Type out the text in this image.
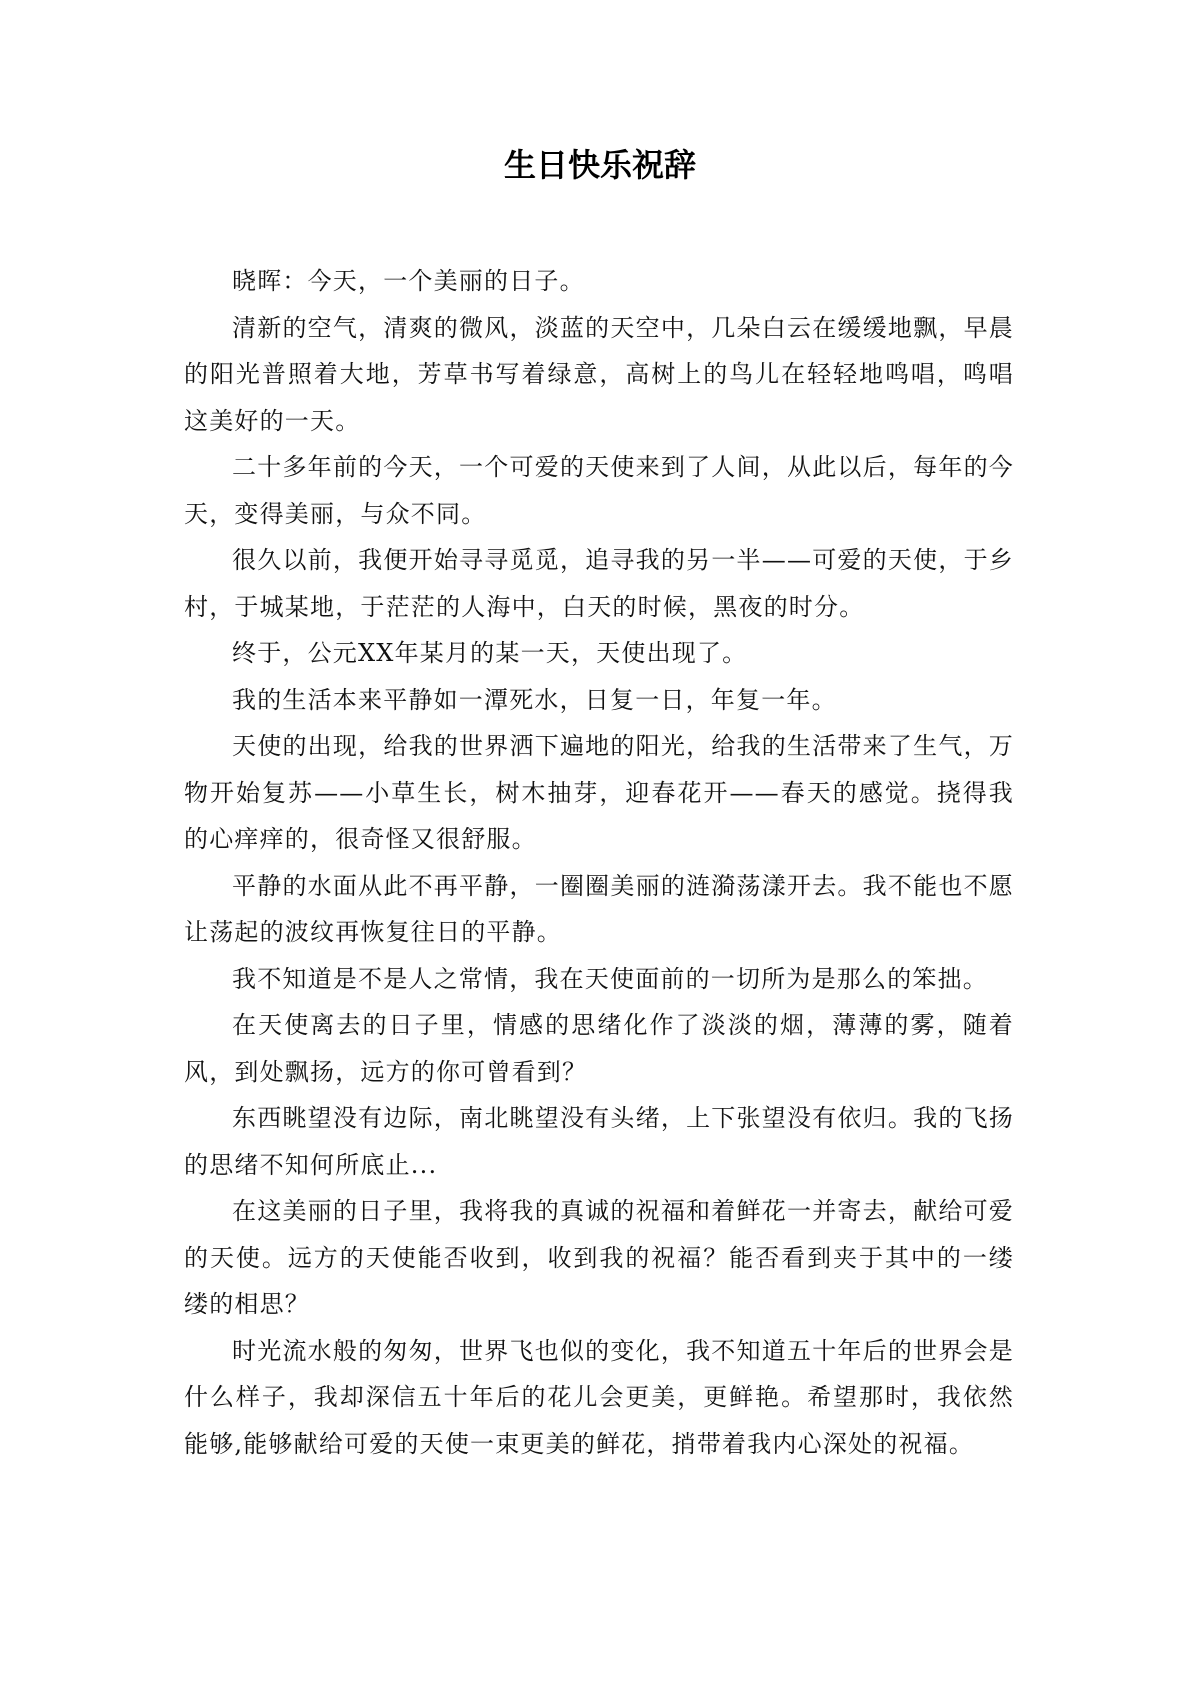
生日快乐祝辞

晓晖：今天，一个美丽的日子。

清新的空气，清爽的微风，淡蓝的天空中，几朵白云在缓缓地飘，早晨的阳光普照着大地，芳草书写着绿意，高树上的鸟儿在轻轻地鸣唱，鸣唱这美好的一天。

二十多年前的今天，一个可爱的天使来到了人间，从此以后，每年的今天，变得美丽，与众不同。

很久以前，我便开始寻寻觅觅，追寻我的另一半——可爱的天使，于乡村，于城某地，于茫茫的人海中，白天的时候，黑夜的时分。

终于，公元XX年某月的某一天，天使出现了。

我的生活本来平静如一潭死水，日复一日，年复一年。

天使的出现，给我的世界洒下遍地的阳光，给我的生活带来了生气，万物开始复苏——小草生长，树木抽芽，迎春花开——春天的感觉。挠得我的心痒痒的，很奇怪又很舒服。

平静的水面从此不再平静，一圈圈美丽的涟漪荡漾开去。我不能也不愿让荡起的波纹再恢复往日的平静。

我不知道是不是人之常情，我在天使面前的一切所为是那么的笨拙。

在天使离去的日子里，情感的思绪化作了淡淡的烟，薄薄的雾，随着风，到处飘扬，远方的你可曾看到？

东西眺望没有边际，南北眺望没有头绪，上下张望没有依归。我的飞扬的思绪不知何所底止...

在这美丽的日子里，我将我的真诚的祝福和着鲜花一并寄去，献给可爱的天使。远方的天使能否收到，收到我的祝福？能否看到夹于其中的一缕缕的相思？

时光流水般的匆匆，世界飞也似的变化，我不知道五十年后的世界会是什么样子，我却深信五十年后的花儿会更美，更鲜艳。希望那时，我依然能够,能够献给可爱的天使一束更美的鲜花，捎带着我内心深处的祝福。
